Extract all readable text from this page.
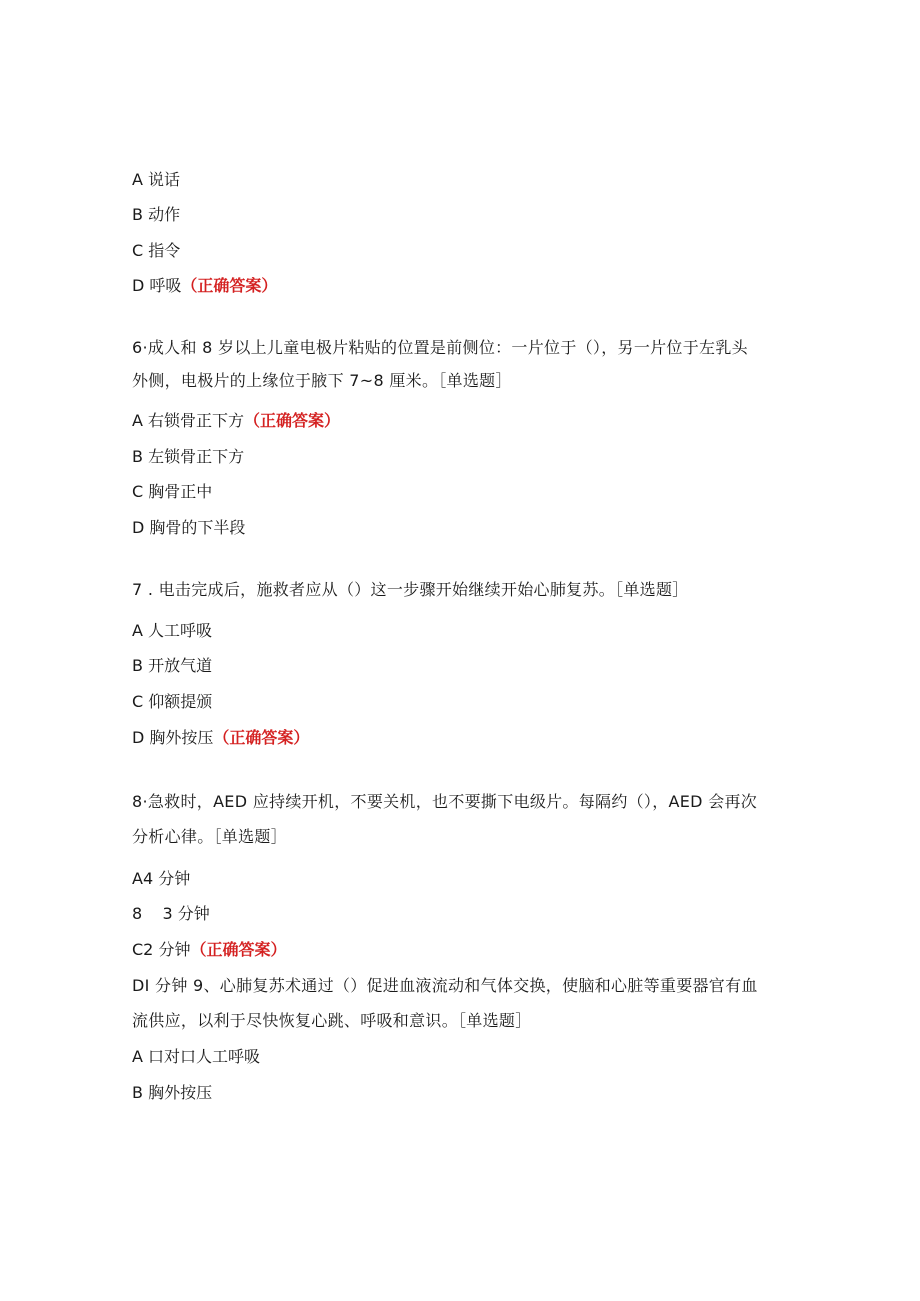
A 说话
B 动作
C 指令
D 呼吸（正确答案）
6·成人和 8 岁以上儿童电极片粘贴的位置是前侧位：一片位于（），另一片位于左乳头
外侧，电极片的上缘位于腋下 7~8 厘米。［单选题］
A 右锁骨正下方（正确答案）
B 左锁骨正下方
C 胸骨正中
D 胸骨的下半段
7 . 电击完成后，施救者应从（）这一步骤开始继续开始心肺复苏。［单选题］
A 人工呼吸
B 开放气道
C 仰额提颁
D 胸外按压（正确答案）
8·急救时，AED 应持续开机，不要关机，也不要撕下电级片。每隔约（），AED 会再次
分析心律。［单选题］
A4 分钟
8    3 分钟
C2 分钟（正确答案）
DI 分钟 9、心肺复苏术通过（）促进血液流动和气体交换，使脑和心脏等重要器官有血
流供应，以利于尽快恢复心跳、呼吸和意识。［单选题］
A 口对口人工呼吸
B 胸外按压
